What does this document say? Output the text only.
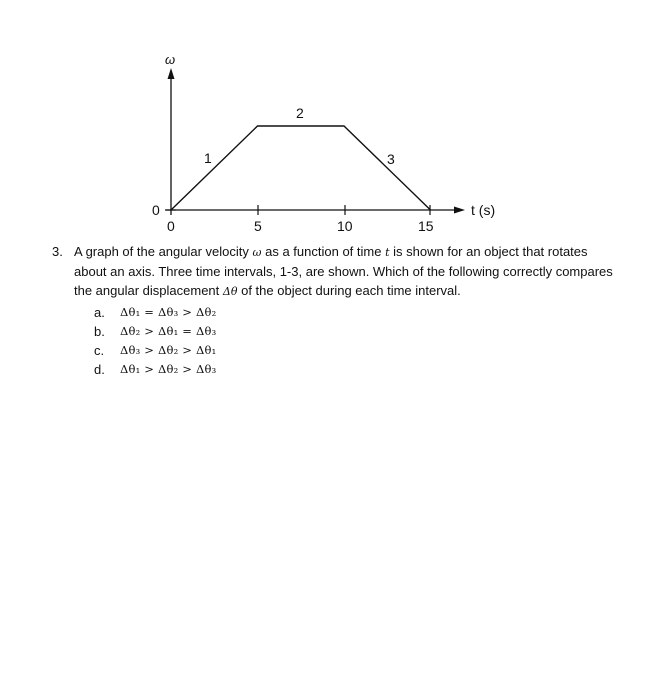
ω
0	t (s)
0	5	10	15
1
2
3
3. A graph of the angular velocity ω as a function of time t is shown for an object that rotates about an axis. Three time intervals, 1-3, are shown. Which of the following correctly compares the angular displacement Δθ of the object during each time interval.
a.	Δθ₁ = Δθ₃ > Δθ₂
b.	Δθ₂ > Δθ₁ = Δθ₃
c.	Δθ₃ > Δθ₂ > Δθ₁
d.	Δθ₁ > Δθ₂ > Δθ₃
